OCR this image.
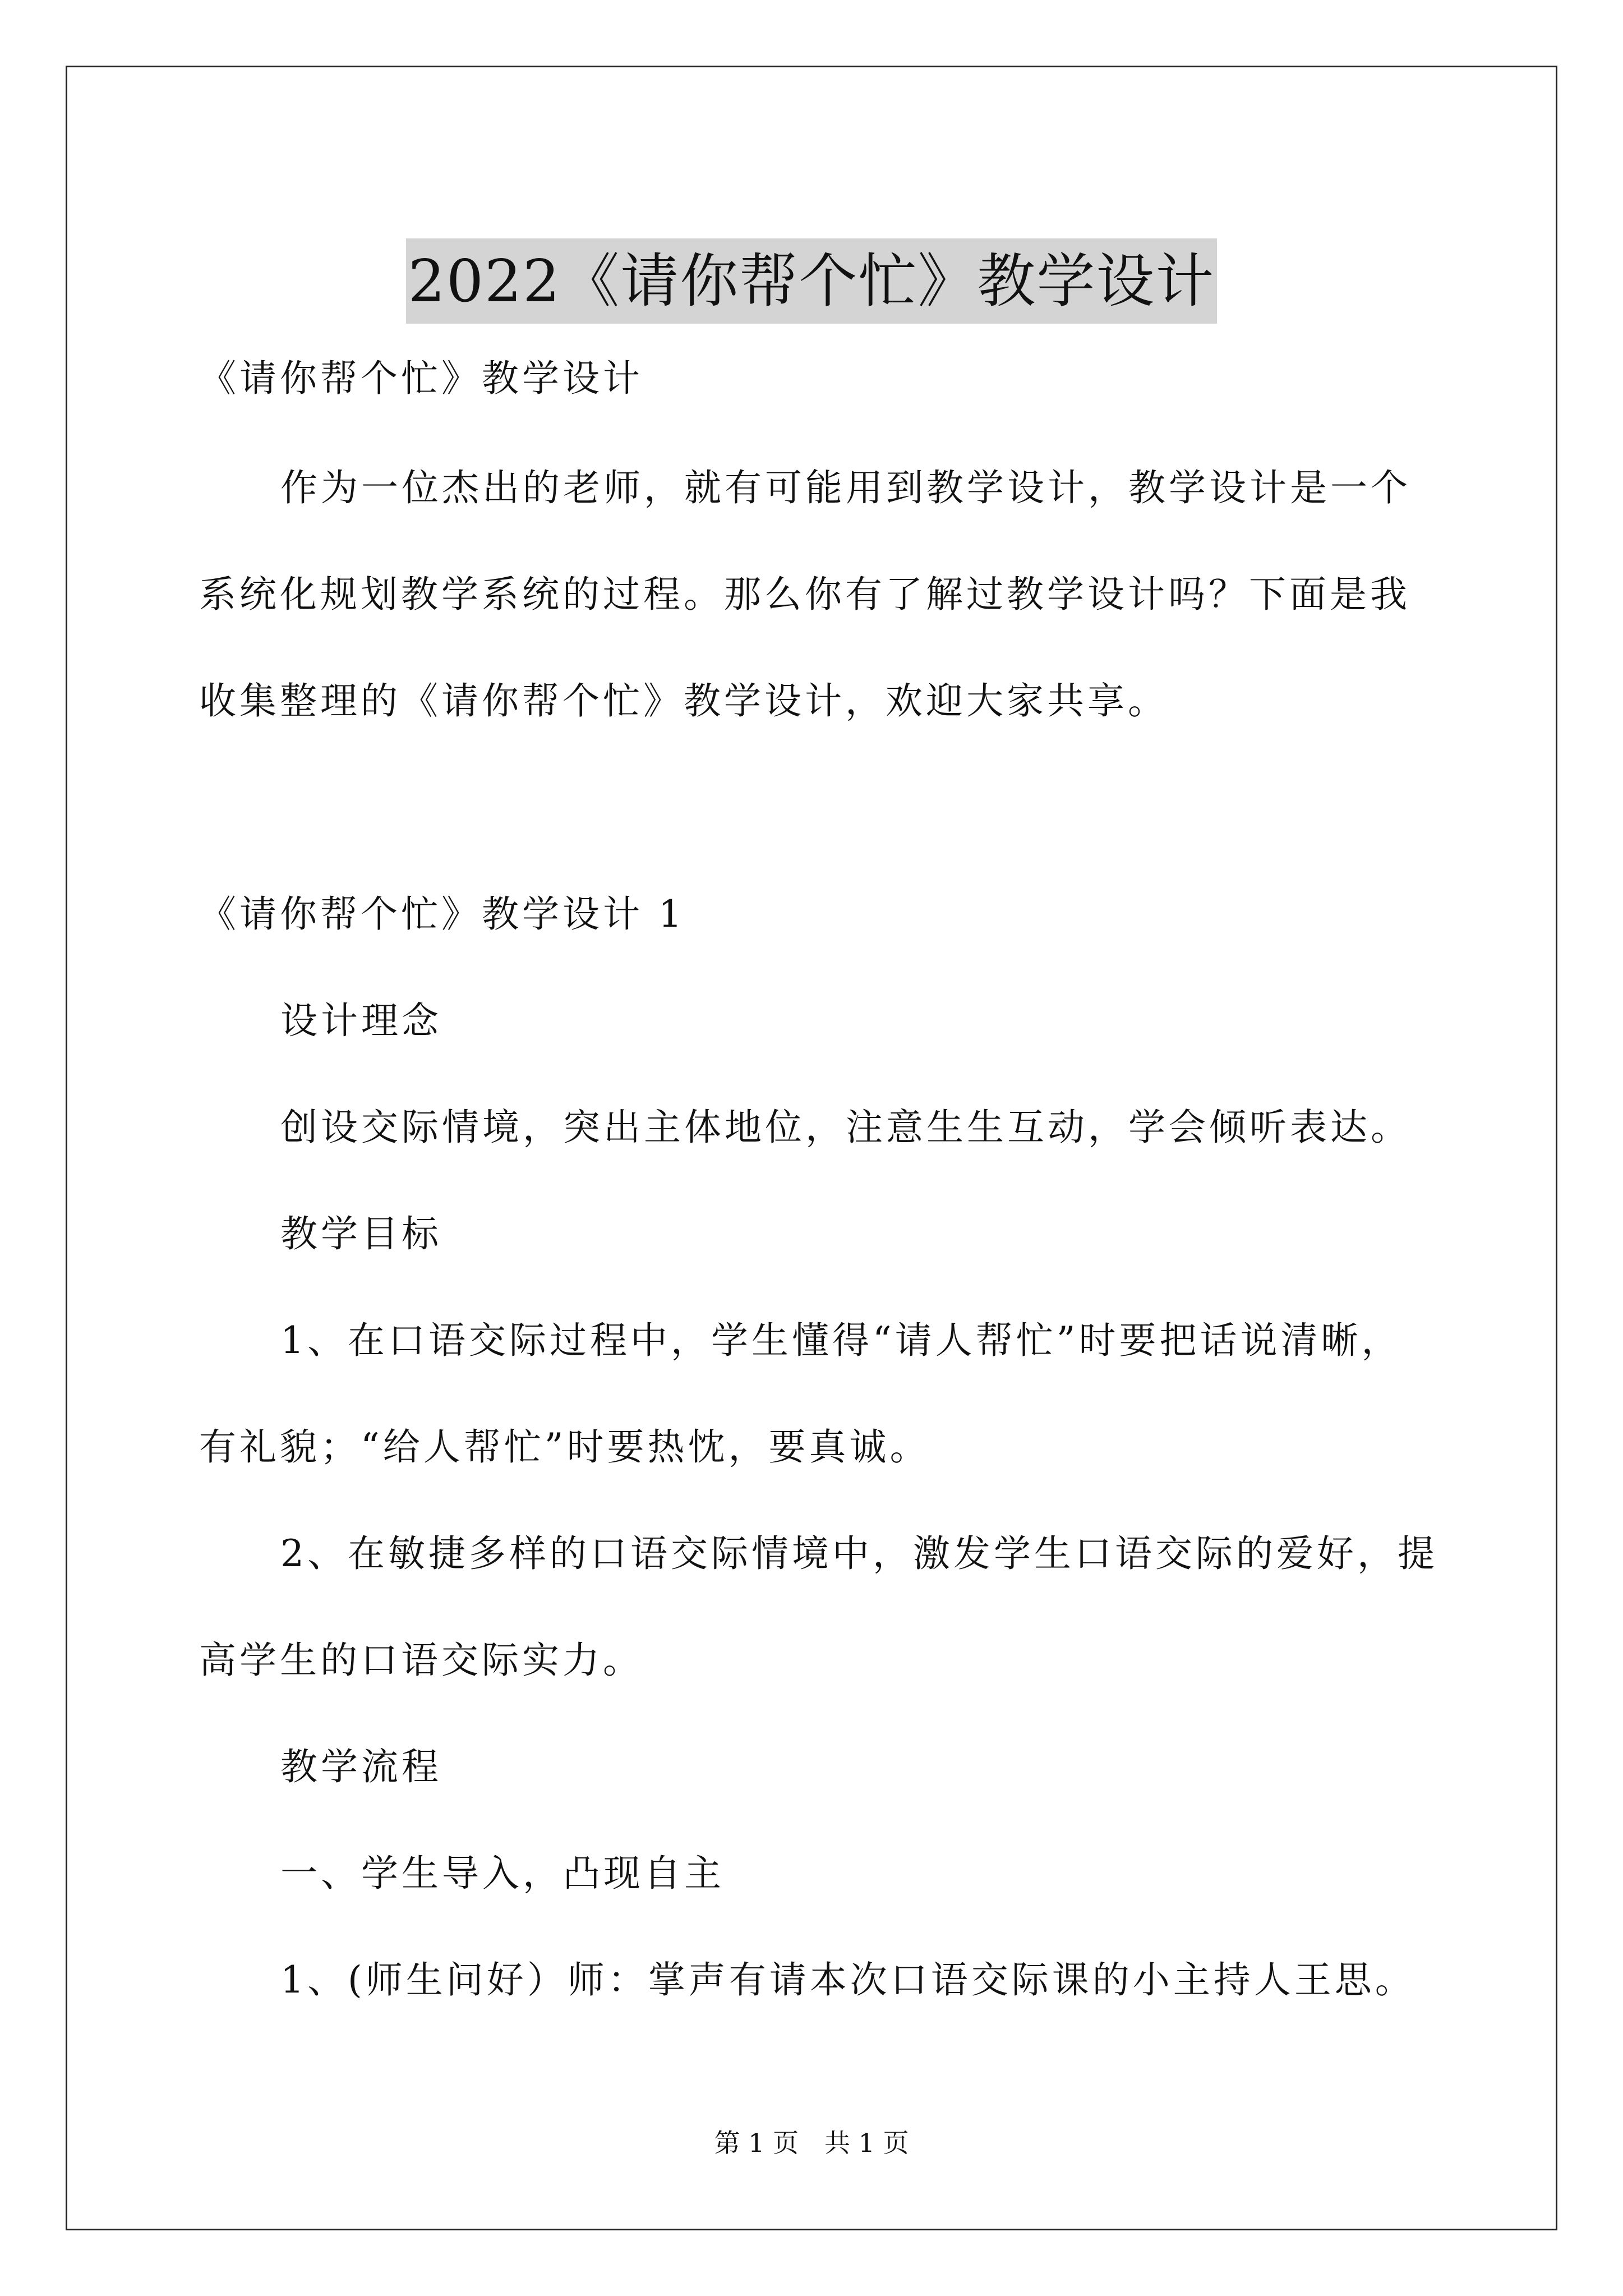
2022《请你帮个忙》教学设计
《请你帮个忙》教学设计
作为一位杰出的老师，就有可能用到教学设计，教学设计是一个
系统化规划教学系统的过程。那么你有了解过教学设计吗？下面是我
收集整理的《请你帮个忙》教学设计，欢迎大家共享。
《请你帮个忙》教学设计 1
设计理念
创设交际情境，突出主体地位，注意生生互动，学会倾听表达。
教学目标
1、在口语交际过程中，学生懂得“请人帮忙”时要把话说清晰，
有礼貌；“给人帮忙”时要热忱，要真诚。
2、在敏捷多样的口语交际情境中，激发学生口语交际的爱好，提
高学生的口语交际实力。
教学流程
一、学生导入，凸现自主
1、(师生问好）师：掌声有请本次口语交际课的小主持人王思。
第 1 页　共 1 页
